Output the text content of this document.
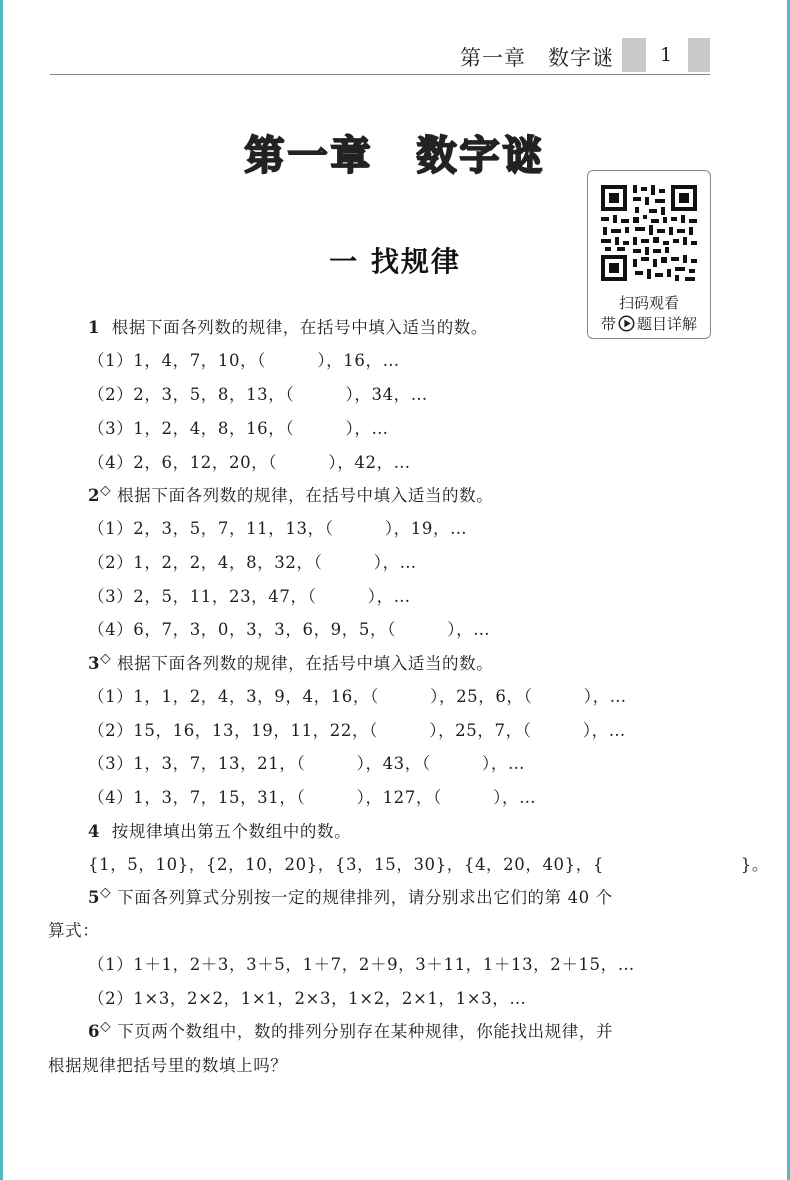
第一章　数字谜 1
第一章　数字谜
扫码观看
带 题目详解
一 找规律
1 根据下面各列数的规律，在括号中填入适当的数。
（1）1，4，7，10，（　　　），16，…
（2）2，3，5，8，13，（　　　），34，…
（3）1，2，4，8，16，（　　　），…
（4）2，6，12，20，（　　　），42，…
2◇ 根据下面各列数的规律，在括号中填入适当的数。
（1）2，3，5，7，11，13，（　　　），19，…
（2）1，2，2，4，8，32，（　　　），…
（3）2，5，11，23，47，（　　　），…
（4）6，7，3，0，3，3，6，9，5，（　　　），…
3◇ 根据下面各列数的规律，在括号中填入适当的数。
（1）1，1，2，4，3，9，4，16，（　　　），25，6，（　　　），…
（2）15，16，13，19，11，22，（　　　），25，7，（　　　），…
（3）1，3，7，13，21，（　　　），43，（　　　），…
（4）1，3，7，15，31，（　　　），127，（　　　），…
4 按规律填出第五个数组中的数。
{1，5，10}，{2，10，20}，{3，15，30}，{4，20，40}，{　　　　　　　　}。
5◇ 下面各列算式分别按一定的规律排列，请分别求出它们的第 40 个
算式：
（1）1＋1，2＋3，3＋5，1＋7，2＋9，3＋11，1＋13，2＋15，…
（2）1×3，2×2，1×1，2×3，1×2，2×1，1×3，…
6◇ 下页两个数组中，数的排列分别存在某种规律，你能找出规律，并
根据规律把括号里的数填上吗？
